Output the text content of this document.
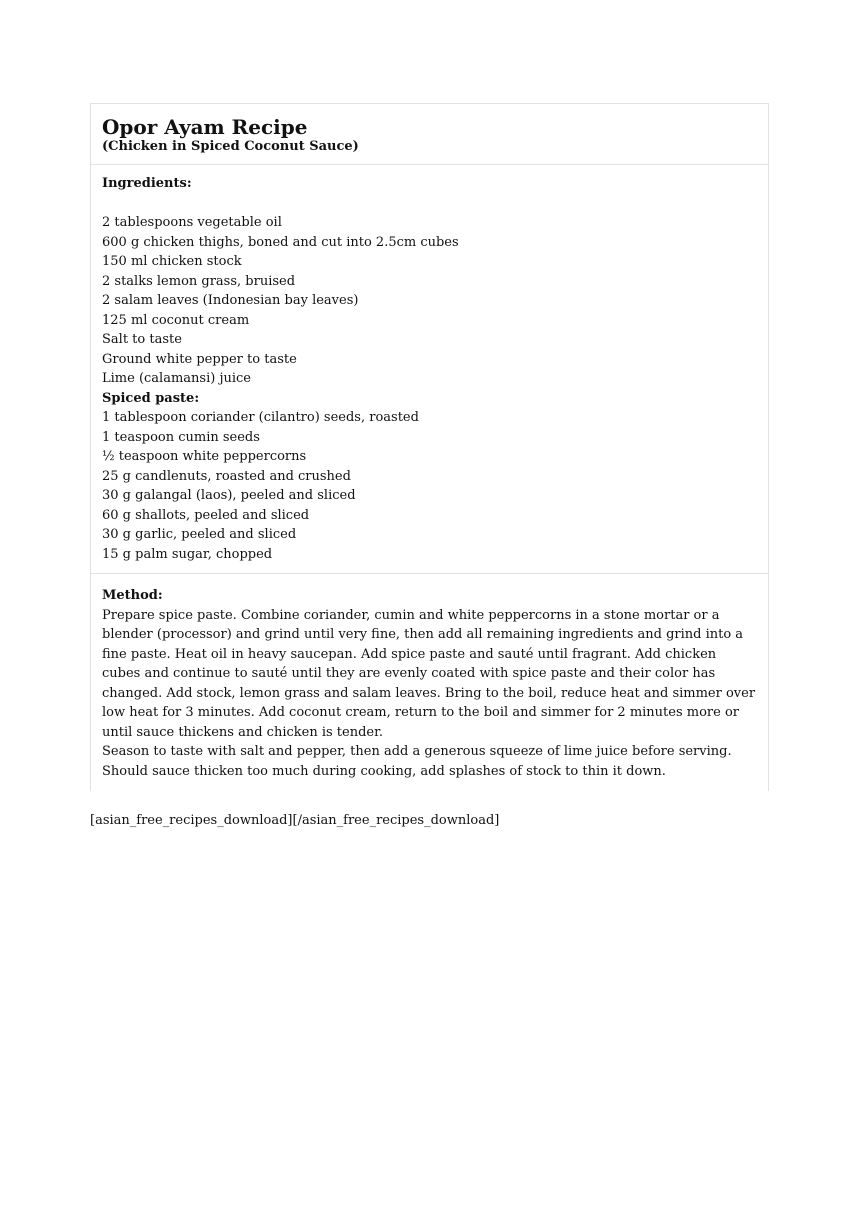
Opor Ayam Recipe
(Chicken in Spiced Coconut Sauce)
Ingredients:
2 tablespoons vegetable oil
600 g chicken thighs, boned and cut into 2.5cm cubes
150 ml chicken stock
2 stalks lemon grass, bruised
2 salam leaves (Indonesian bay leaves)
125 ml coconut cream
Salt to taste
Ground white pepper to taste
Lime (calamansi) juice
Spiced paste:
1 tablespoon coriander (cilantro) seeds, roasted
1 teaspoon cumin seeds
½ teaspoon white peppercorns
25 g candlenuts, roasted and crushed
30 g galangal (laos), peeled and sliced
60 g shallots, peeled and sliced
30 g garlic, peeled and sliced
15 g palm sugar, chopped
Method:

Prepare spice paste. Combine coriander, cumin and white peppercorns in a stone mortar or a blender (processor) and grind until very fine, then add all remaining ingredients and grind into a fine paste. Heat oil in heavy saucepan. Add spice paste and sauté until fragrant. Add chicken cubes and continue to sauté until they are evenly coated with spice paste and their color has changed. Add stock, lemon grass and salam leaves. Bring to the boil, reduce heat and simmer over low heat for 3 minutes. Add coconut cream, return to the boil and simmer for 2 minutes more or until sauce thickens and chicken is tender.

Season to taste with salt and pepper, then add a generous squeeze of lime juice before serving. Should sauce thicken too much during cooking, add splashes of stock to thin it down.

[asian_free_recipes_download][/asian_free_recipes_download]
